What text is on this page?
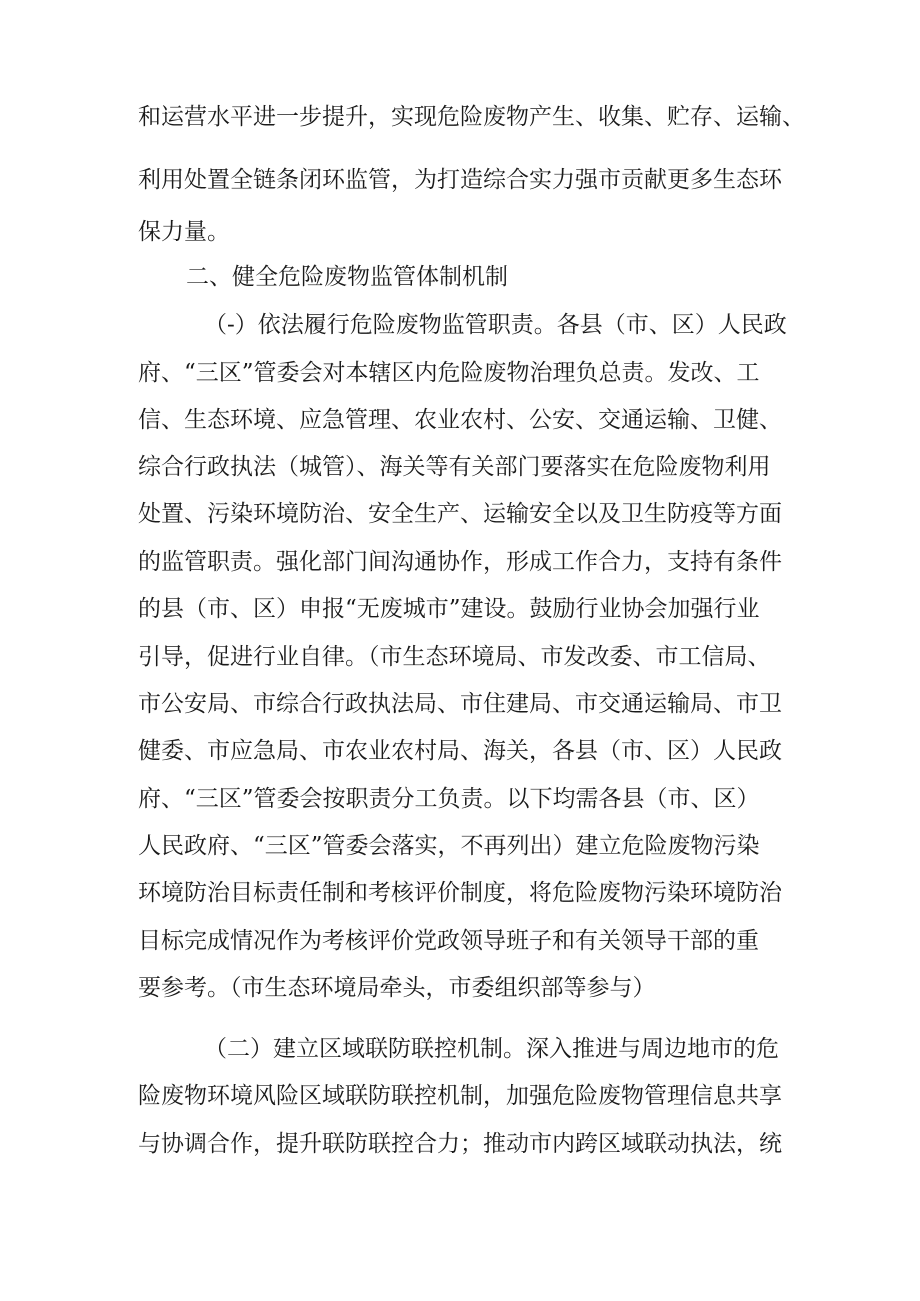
和运营水平进一步提升，实现危险废物产生、收集、贮存、运输、
利用处置全链条闭环监管，为打造综合实力强市贡献更多生态环
保力量。
二、健全危险废物监管体制机制
（-）依法履行危险废物监管职责。各县（市、区）人民政
府、“三区”管委会对本辖区内危险废物治理负总责。发改、工
信、生态环境、应急管理、农业农村、公安、交通运输、卫健、
综合行政执法（城管）、海关等有关部门要落实在危险废物利用
处置、污染环境防治、安全生产、运输安全以及卫生防疫等方面
的监管职责。强化部门间沟通协作，形成工作合力，支持有条件
的县（市、区）申报“无废城市”建设。鼓励行业协会加强行业
引导，促进行业自律。（市生态环境局、市发改委、市工信局、
市公安局、市综合行政执法局、市住建局、市交通运输局、市卫
健委、市应急局、市农业农村局、海关，各县（市、区）人民政
府、“三区”管委会按职责分工负责。以下均需各县（市、区）
人民政府、“三区”管委会落实，不再列出）建立危险废物污染
环境防治目标责任制和考核评价制度，将危险废物污染环境防治
目标完成情况作为考核评价党政领导班子和有关领导干部的重
要参考。（市生态环境局牵头，市委组织部等参与）
（二）建立区域联防联控机制。深入推进与周边地市的危
险废物环境风险区域联防联控机制，加强危险废物管理信息共享
与协调合作，提升联防联控合力；推动市内跨区域联动执法，统
